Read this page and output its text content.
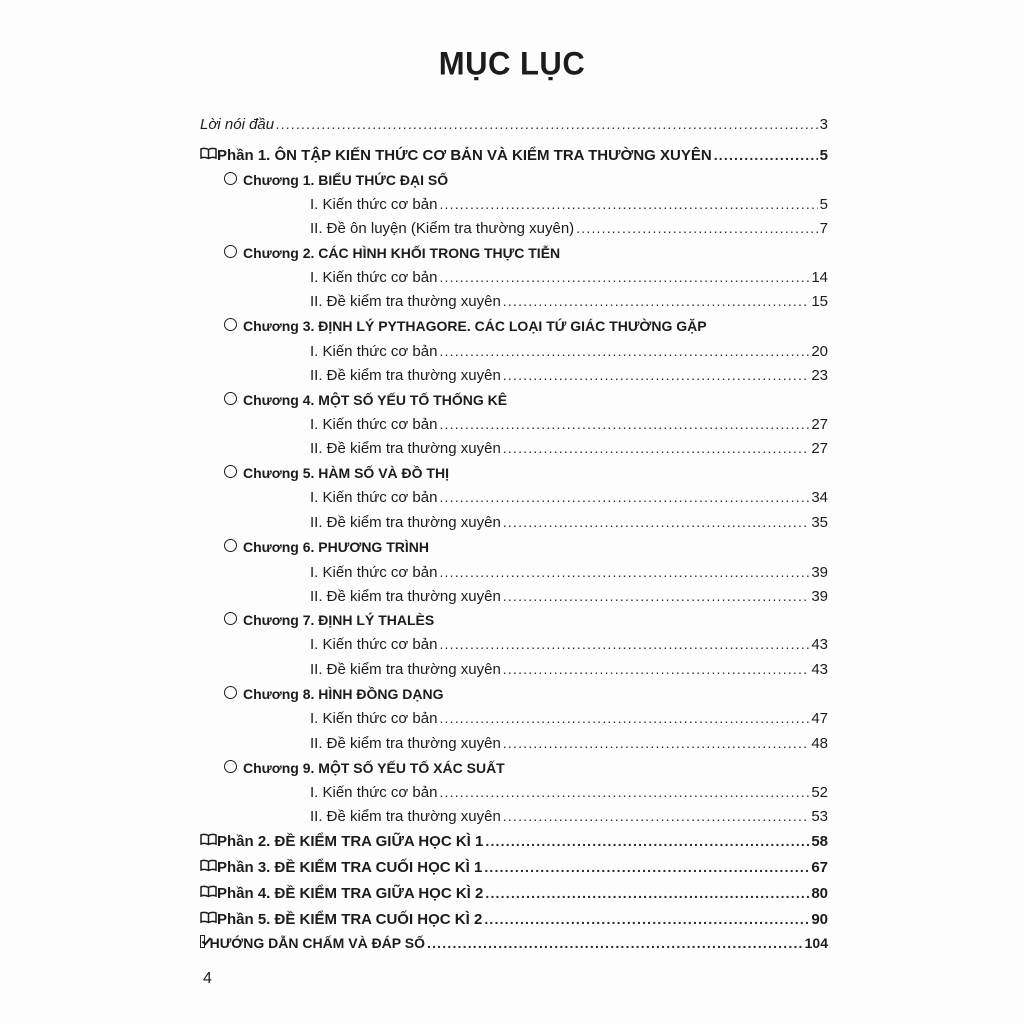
MỤC LỤC
Lời nói đầu .....	3
Phần 1. ÔN TẬP KIẾN THỨC CƠ BẢN VÀ KIỂM TRA THƯỜNG XUYÊN .....	5
Chương 1. BIỂU THỨC ĐẠI SỐ
I. Kiến thức cơ bản .....	5
II. Đề ôn luyện (Kiểm tra thường xuyên) .....	7
Chương 2. CÁC HÌNH KHỐI TRONG THỰC TIỄN
I. Kiến thức cơ bản .....	14
II. Đề kiểm tra thường xuyên .....	15
Chương 3. ĐỊNH LÝ PYTHAGORE. CÁC LOẠI TỨ GIÁC THƯỜNG GẶP
I. Kiến thức cơ bản .....	20
II. Đề kiểm tra thường xuyên .....	23
Chương 4. MỘT SỐ YẾU TỐ THỐNG KÊ
I. Kiến thức cơ bản .....	27
II. Đề kiểm tra thường xuyên .....	27
Chương 5. HÀM SỐ VÀ ĐỒ THỊ
I. Kiến thức cơ bản .....	34
II. Đề kiểm tra thường xuyên .....	35
Chương 6. PHƯƠNG TRÌNH
I. Kiến thức cơ bản .....	39
II. Đề kiểm tra thường xuyên .....	39
Chương 7. ĐỊNH LÝ THALÈS
I. Kiến thức cơ bản .....	43
II. Đề kiểm tra thường xuyên .....	43
Chương 8. HÌNH ĐỒNG DẠNG
I. Kiến thức cơ bản .....	47
II. Đề kiểm tra thường xuyên .....	48
Chương 9. MỘT SỐ YẾU TỐ XÁC SUẤT
I. Kiến thức cơ bản .....	52
II. Đề kiểm tra thường xuyên .....	53
Phần 2. ĐỀ KIỂM TRA GIỮA HỌC KÌ 1 .....	58
Phần 3. ĐỀ KIỂM TRA CUỐI HỌC KÌ 1 .....	67
Phần 4. ĐỀ KIỂM TRA GIỮA HỌC KÌ 2 .....	80
Phần 5. ĐỀ KIỂM TRA CUỐI HỌC KÌ 2 .....	90
HƯỚNG DẪN CHẤM VÀ ĐÁP SỐ .....	104
4
